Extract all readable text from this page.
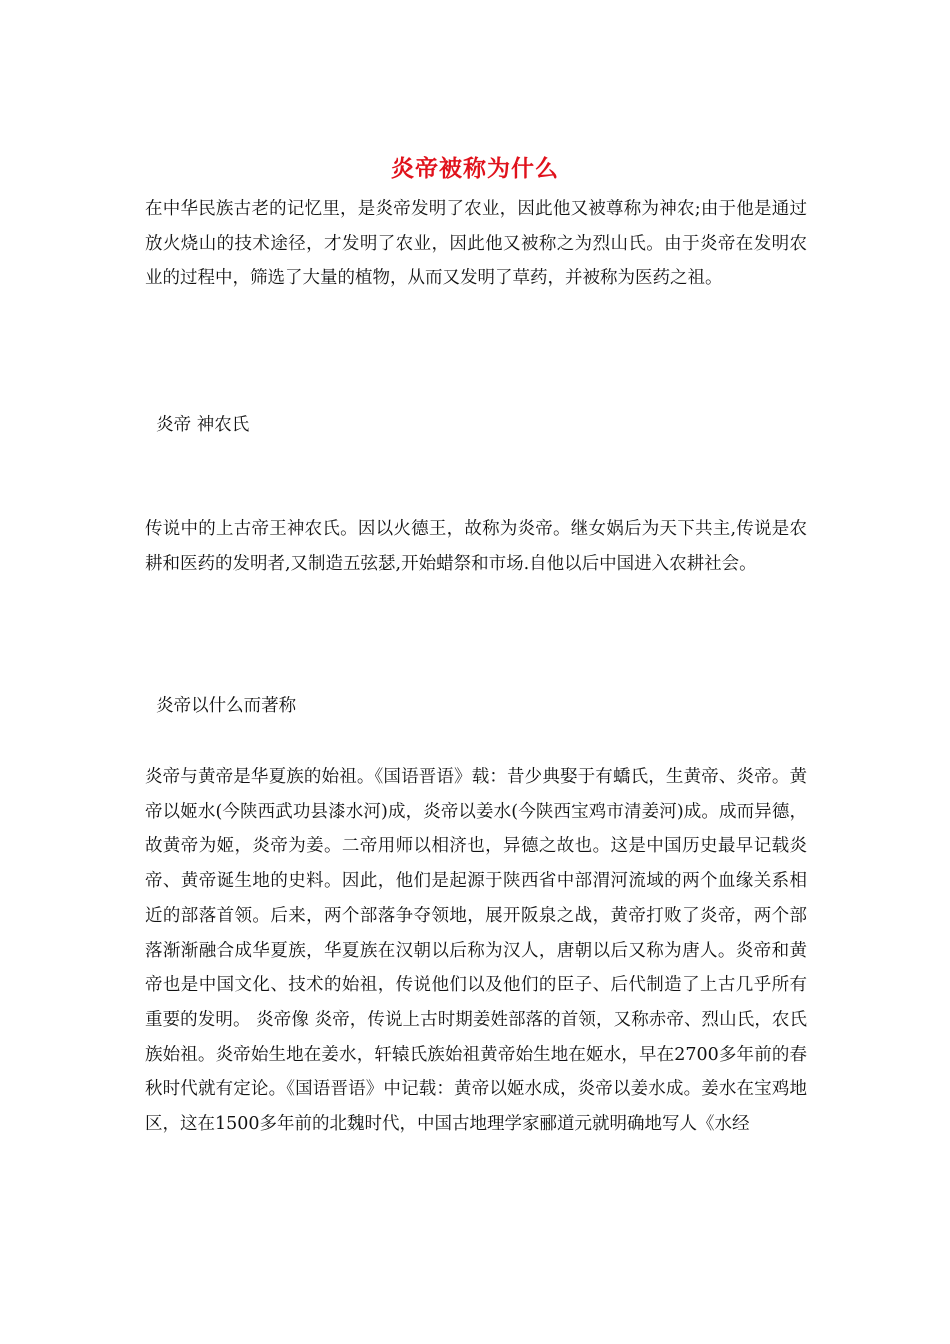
炎帝被称为什么

在中华民族古老的记忆里，是炎帝发明了农业，因此他又被尊称为神农;由于他是通过放火烧山的技术途径，才发明了农业，因此他又被称之为烈山氏。由于炎帝在发明农业的过程中，筛选了大量的植物，从而又发明了草药，并被称为医药之祖。

炎帝 神农氏

传说中的上古帝王神农氏。因以火德王，故称为炎帝。继女娲后为天下共主,传说是农耕和医药的发明者,又制造五弦瑟,开始蜡祭和市场.自他以后中国进入农耕社会。

炎帝以什么而著称

炎帝与黄帝是华夏族的始祖。《国语晋语》载：昔少典娶于有蟜氏，生黄帝、炎帝。黄帝以姬水(今陕西武功县漆水河)成，炎帝以姜水(今陕西宝鸡市清姜河)成。成而异德，故黄帝为姬，炎帝为姜。二帝用师以相济也，异德之故也。这是中国历史最早记载炎帝、黄帝诞生地的史料。因此，他们是起源于陕西省中部渭河流域的两个血缘关系相近的部落首领。后来，两个部落争夺领地，展开阪泉之战，黄帝打败了炎帝，两个部落渐渐融合成华夏族，华夏族在汉朝以后称为汉人，唐朝以后又称为唐人。炎帝和黄帝也是中国文化、技术的始祖，传说他们以及他们的臣子、后代制造了上古几乎所有重要的发明。 炎帝像 炎帝，传说上古时期姜姓部落的首领，又称赤帝、烈山氏，农氏族始祖。炎帝始生地在姜水，轩辕氏族始祖黄帝始生地在姬水，早在2700多年前的春秋时代就有定论。《国语晋语》中记载：黄帝以姬水成，炎帝以姜水成。姜水在宝鸡地区，这在1500多年前的北魏时代，中国古地理学家郦道元就明确地写人《水经
